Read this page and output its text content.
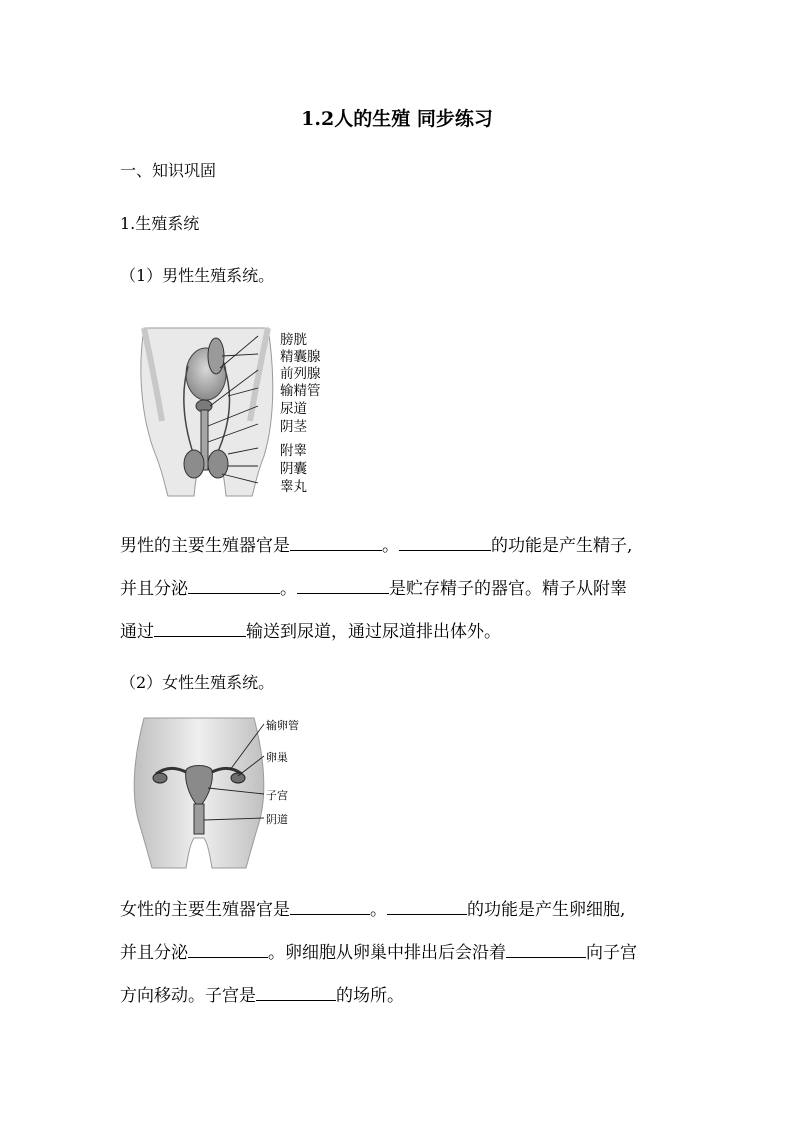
1.2人的生殖 同步练习
一、知识巩固
1.生殖系统
（1）男性生殖系统。
膀胱
精囊腺
前列腺
输精管
尿道
阴茎
附睾
阴囊
睾丸
男性的主要生殖器官是	。	的功能是产生精子,
并且分泌	。	是贮存精子的器官。精子从附睾
通过	输送到尿道，通过尿道排出体外。
（2）女性生殖系统。
输卵管
卵巢
子宫
阴道
女性的主要生殖器官是	。	的功能是产生卵细胞,
并且分泌	。卵细胞从卵巢中排出后会沿着	向子宫
方向移动。子宫是	的场所。
